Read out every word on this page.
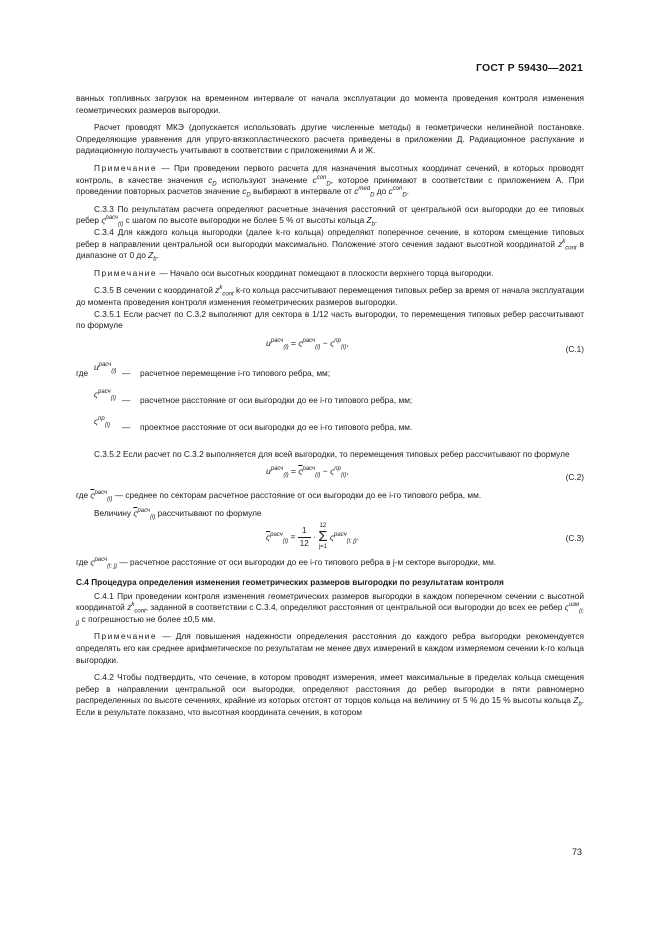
ГОСТ Р 59430—2021

ванных топливных загрузок на временном интервале от начала эксплуатации до момента проведения контроля изменения геометрических размеров выгородки.

Расчет проводят МКЭ (допускается использовать другие численные методы) в геометрически нелинейной постановке. Определяющие уравнения для упруго-вязкопластического расчета приведены в приложении Д. Радиационное распухание и радиационную ползучесть учитывают в соответствии с приложениями А и Ж.

Примечание — При проведении первого расчета для назначения высотных координат сечений, в которых проводят контроль, в качестве значения $c_D$ используют значение $c^{con}_D$, которое принимают в соответствии с приложением А. При проведении повторных расчетов значение $c_D$ выбирают в интервале от $c^{med}_D$ до $c^{con}_D$.

С.3.3 По результатам расчета определяют расчетные значения расстояний от центральной оси выгородки до ее типовых ребер $\varsigma^{расч}_{(i)}$ с шагом по высоте выгородки не более 5 % от высоты кольца $Z_b$.

С.3.4 Для каждого кольца выгородки (далее k-го кольца) определяют поперечное сечение, в котором смещение типовых ребер в направлении центральной оси выгородки максимально. Положение этого сечения задают высотной координатой $z^k_{cont}$ в диапазоне от 0 до $Z_b$.

Примечание — Начало оси высотных координат помещают в плоскости верхнего торца выгородки.

С.3.5 В сечении с координатой $z^k_{cont}$ k-го кольца рассчитывают перемещения типовых ребер за время от начала эксплуатации до момента проведения контроля изменения геометрических размеров выгородки.

С.3.5.1 Если расчет по С.3.2 выполняют для сектора в 1/12 часть выгородки, то перемещения типовых ребер рассчитывают по формуле

$u^{расч}_{(i)} = \varsigma^{расч}_{(i)} - \varsigma^{пр}_{(i)}$,
(С.1)
где
$u^{расч}_{(i)}$ — расчетное перемещение i-го типового ребра, мм;
$\varsigma^{расч}_{(i)}$ — расчетное расстояние от оси выгородки до ее i-го типового ребра, мм;
$\varsigma^{пр}_{(i)}$ — проектное расстояние от оси выгородки до ее i-го типового ребра, мм.

С.3.5.2 Если расчет по С.3.2 выполняется для всей выгородки, то перемещения типовых ребер рассчитывают по формуле

$u^{расч}_{(i)} = \overline{\varsigma}^{расч}_{(i)} - \varsigma^{пр}_{(i)}$,
(С.2)

где $\overline{\varsigma}^{расч}_{(i)}$ — среднее по секторам расчетное расстояние от оси выгородки до ее i-го типового ребра, мм.

Величину $\overline{\varsigma}^{расч}_{(i)}$ рассчитывают по формуле

$\overline{\varsigma}^{расч}_{(i)} = \frac{1}{12}$ ·
12
Σ
j=1
$\varsigma^{расч}_{(i; j)}$,	(С.3)

где $\varsigma^{расч}_{(i; j)}$ — расчетное расстояние от оси выгородки до ее i-го типового ребра в j-м секторе выгородки, мм.

С.4 Процедура определения изменения геометрических размеров выгородки по результатам контроля

С.4.1 При проведении контроля изменения геометрических размеров выгородки в каждом поперечном сечении с высотной координатой $z^k_{cont}$, заданной в соответствии с С.3.4, определяют расстояния от центральной оси выгородки до всех ее ребер $\varsigma^{изм}_{(i; j)}$ с погрешностью не более ±0,5 мм.

Примечание — Для повышения надежности определения расстояния до каждого ребра выгородки рекомендуется определять его как среднее арифметическое по результатам не менее двух измерений в каждом измеряемом сечении k-го кольца выгородки.

С.4.2 Чтобы подтвердить, что сечение, в котором проводят измерения, имеет максимальные в пределах кольца смещения ребер в направлении центральной оси выгородки, определяют расстояния до ребер выгородки в пяти равномерно распределенных по высоте сечениях, крайние из которых отстоят от торцов кольца на величину от 5 % до 15 % высоты кольца $Z_b$. Если в результате показано, что высотная координата сечения, в котором

73
